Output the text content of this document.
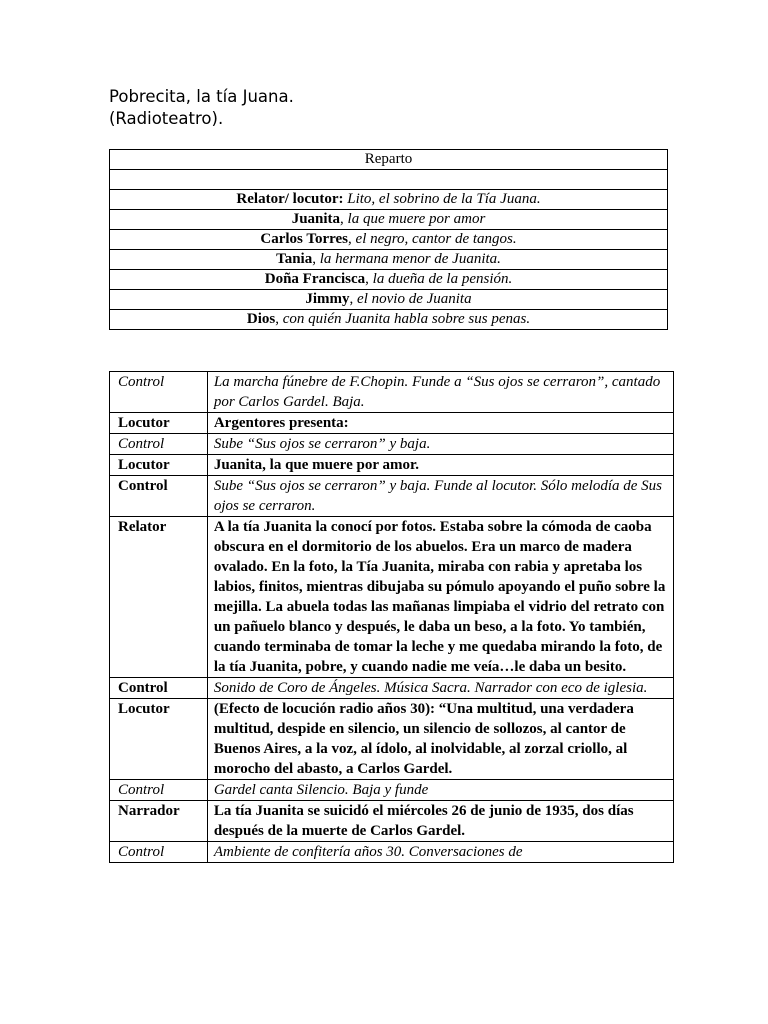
Pobrecita, la tía Juana.
(Radioteatro).
Reparto

Relator/ locutor: Lito, el sobrino de la Tía Juana.
Juanita, la que muere por amor
Carlos Torres, el negro, cantor de tangos.
Tania, la hermana menor de Juanita.
Doña Francisca, la dueña de la pensión.
Jimmy, el novio de Juanita
Dios, con quién Juanita habla sobre sus penas.
Control	La marcha fúnebre de F.Chopin. Funde a “Sus ojos se cerraron”, cantado por Carlos Gardel. Baja.
Locutor	Argentores presenta:
Control	Sube “Sus ojos se cerraron” y baja.
Locutor	Juanita, la que muere por amor.
Control	Sube “Sus ojos se cerraron” y baja. Funde al locutor. Sólo melodía de Sus ojos se cerraron.
Relator	A la tía Juanita la conocí por fotos. Estaba sobre la cómoda de caoba obscura en el dormitorio de los abuelos. Era un marco de madera ovalado. En la foto, la Tía Juanita, miraba con rabia y apretaba los labios, finitos, mientras dibujaba su pómulo apoyando el puño sobre la mejilla. La abuela todas las mañanas limpiaba el vidrio del retrato con un pañuelo blanco y después, le daba un beso, a la foto. Yo también, cuando terminaba de tomar la leche y me quedaba mirando la foto, de la tía Juanita, pobre, y cuando nadie me veía…le daba un besito.
Control	Sonido de Coro de Ángeles. Música Sacra. Narrador con eco de iglesia.
Locutor	(Efecto de locución radio años 30): “Una multitud, una verdadera multitud, despide en silencio, un silencio de sollozos, al cantor de Buenos Aires, a la voz, al ídolo, al inolvidable, al zorzal criollo, al morocho del abasto, a Carlos Gardel.
Control	Gardel canta Silencio. Baja y funde
Narrador	La tía Juanita se suicidó el miércoles 26 de junio de 1935, dos días después de la muerte de Carlos Gardel.
Control	Ambiente de confitería años 30. Conversaciones de
